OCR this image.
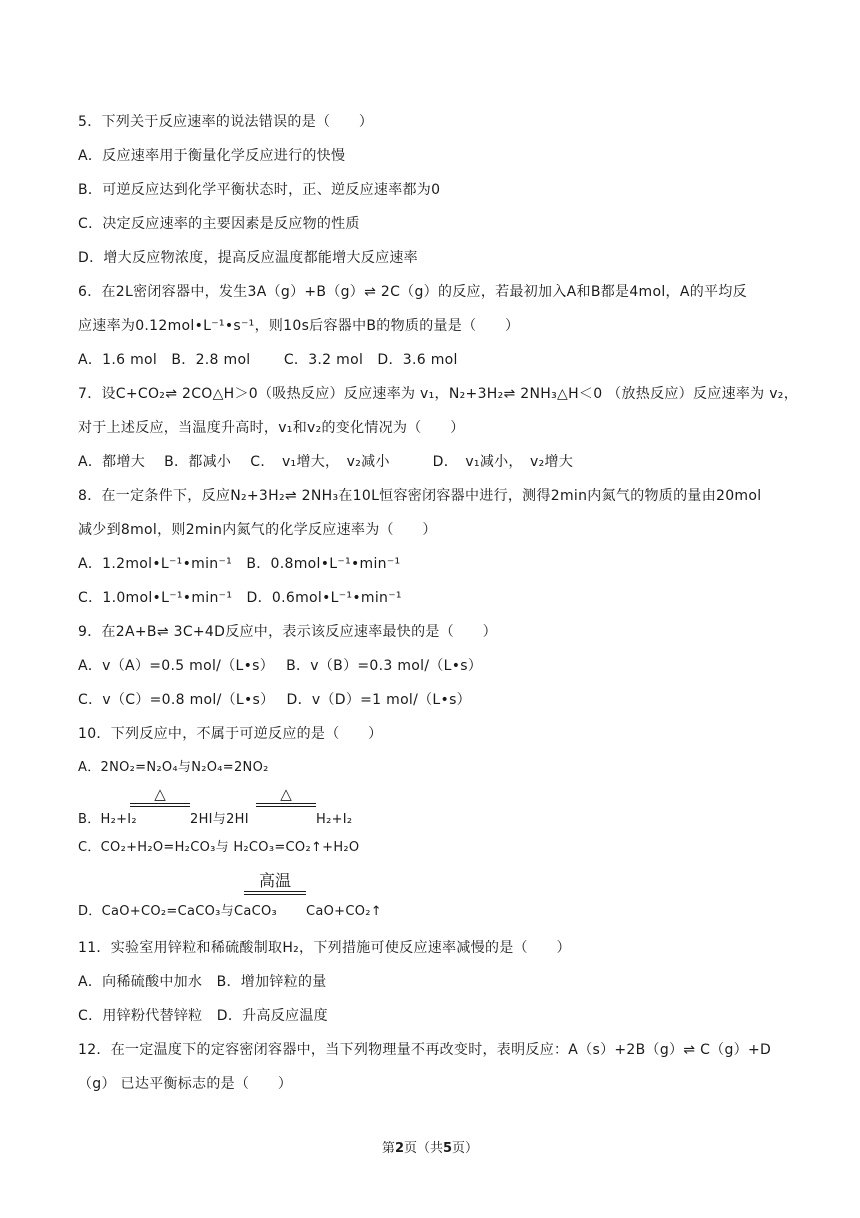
5．下列关于反应速率的说法错误的是（　　）
A．反应速率用于衡量化学反应进行的快慢
B．可逆反应达到化学平衡状态时，正、逆反应速率都为0
C．决定反应速率的主要因素是反应物的性质
D．增大反应物浓度，提高反应温度都能增大反应速率
6．在2L密闭容器中，发生3A（g）+B（g）⇌ 2C（g）的反应，若最初加入A和B都是4mol，A的平均反
应速率为0.12mol•L⁻¹•s⁻¹，则10s后容器中B的物质的量是（　　）
A．1.6 mol　B．2.8 mol　　 C．3.2 mol　D．3.6 mol
7．设C+CO₂⇌ 2CO△H＞0（吸热反应）反应速率为 v₁，N₂+3H₂⇌ 2NH₃△H＜0 （放热反应）反应速率为 v₂，
对于上述反应，当温度升高时，v₁和v₂的变化情况为（　　）
A．都增大　 B．都减小　 C．　v₁增大，　v₂减小　　　D．　v₁减小，　v₂增大
8．在一定条件下，反应N₂+3H₂⇌ 2NH₃在10L恒容密闭容器中进行，测得2min内氮气的物质的量由20mol
减少到8mol，则2min内氮气的化学反应速率为（　　）
A．1.2mol•L⁻¹•min⁻¹　B．0.8mol•L⁻¹•min⁻¹
C．1.0mol•L⁻¹•min⁻¹　D．0.6mol•L⁻¹•min⁻¹
9．在2A+B⇌ 3C+4D反应中，表示该反应速率最快的是（　　）
A．v（A）=0.5 mol/（L•s）　 B．v（B）=0.3 mol/（L•s）
C．v（C）=0.8 mol/（L•s）　 D．v（D）=1 mol/（L•s）
10．下列反应中，不属于可逆反应的是（　　）
A．2NO₂=N₂O₄与N₂O₄=2NO₂
△	△
B．H₂+I₂	2HI与2HI	H₂+I₂
C．CO₂+H₂O=H₂CO₃与 H₂CO₃=CO₂↑+H₂O
高温
D．CaO+CO₂=CaCO₃与CaCO₃ CaO+CO₂↑
11．实验室用锌粒和稀硫酸制取H₂，下列措施可使反应速率减慢的是（　　）
A．向稀硫酸中加水　B．增加锌粒的量
C．用锌粉代替锌粒　D．升高反应温度
12．在一定温度下的定容密闭容器中，当下列物理量不再改变时，表明反应：A（s）+2B（g）⇌ C（g）+D
（g） 已达平衡标志的是（　　）
第2页（共5页）
